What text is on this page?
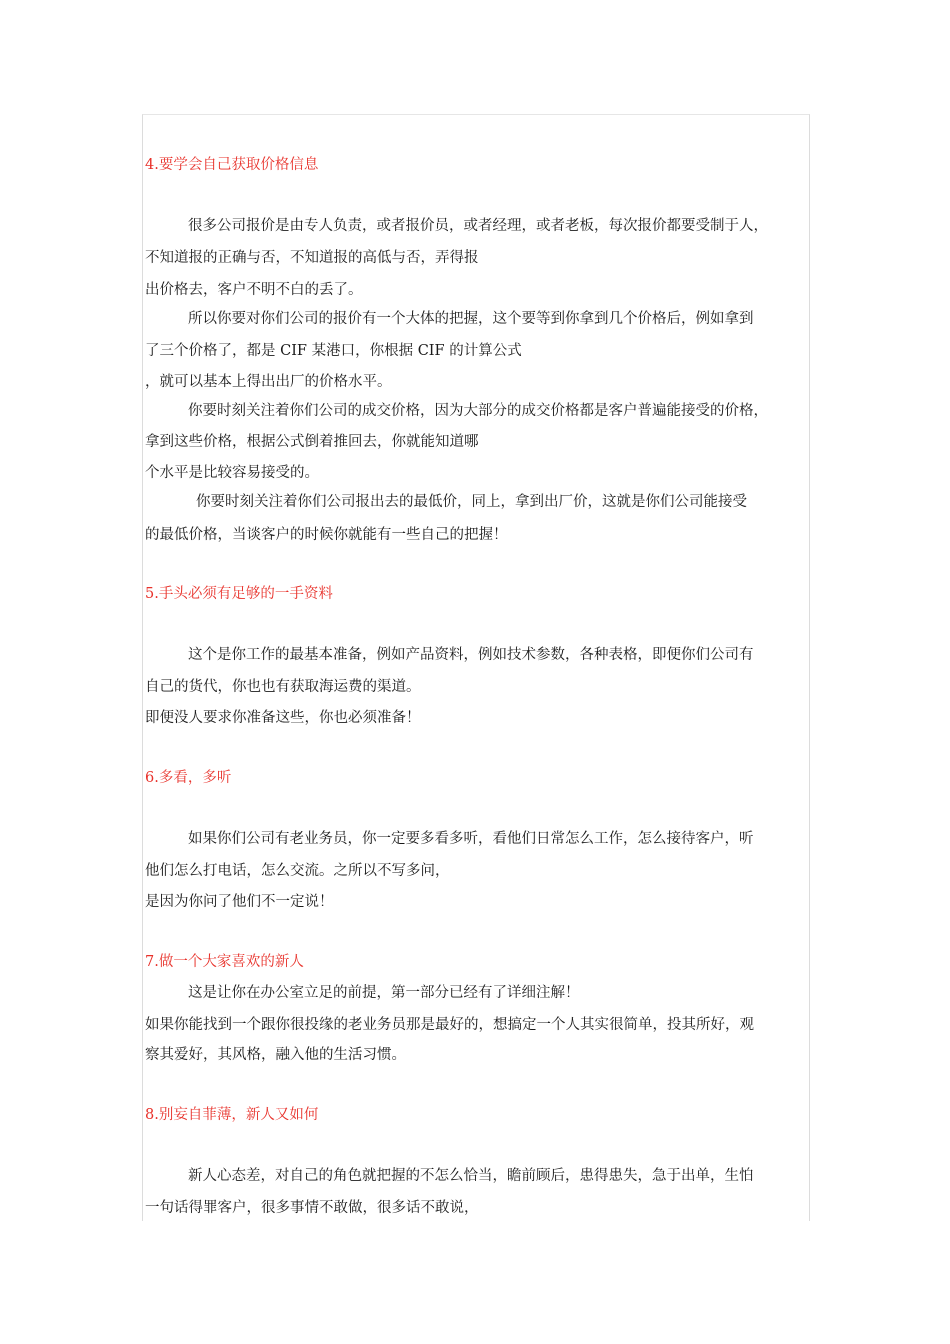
4.要学会自己获取价格信息
很多公司报价是由专人负责，或者报价员，或者经理，或者老板，每次报价都要受制于人，
不知道报的正确与否，不知道报的高低与否，弄得报
出价格去，客户不明不白的丢了。
所以你要对你们公司的报价有一个大体的把握，这个要等到你拿到几个价格后，例如拿到
了三个价格了，都是 CIF 某港口，你根据 CIF 的计算公式
，就可以基本上得出出厂的价格水平。
你要时刻关注着你们公司的成交价格，因为大部分的成交价格都是客户普遍能接受的价格，
拿到这些价格，根据公式倒着推回去，你就能知道哪
个水平是比较容易接受的。
你要时刻关注着你们公司报出去的最低价，同上，拿到出厂价，这就是你们公司能接受
的最低价格，当谈客户的时候你就能有一些自己的把握！
5.手头必须有足够的一手资料
这个是你工作的最基本准备，例如产品资料，例如技术参数，各种表格，即便你们公司有
自己的货代，你也也有获取海运费的渠道。
即便没人要求你准备这些，你也必须准备！
6.多看，多听
如果你们公司有老业务员，你一定要多看多听，看他们日常怎么工作，怎么接待客户，听
他们怎么打电话，怎么交流。之所以不写多问，
是因为你问了他们不一定说！
7.做一个大家喜欢的新人
这是让你在办公室立足的前提，第一部分已经有了详细注解！
如果你能找到一个跟你很投缘的老业务员那是最好的，想搞定一个人其实很简单，投其所好，观
察其爱好，其风格，融入他的生活习惯。
8.别妄自菲薄，新人又如何
新人心态差，对自己的角色就把握的不怎么恰当，瞻前顾后，患得患失，急于出单，生怕
一句话得罪客户，很多事情不敢做，很多话不敢说，
